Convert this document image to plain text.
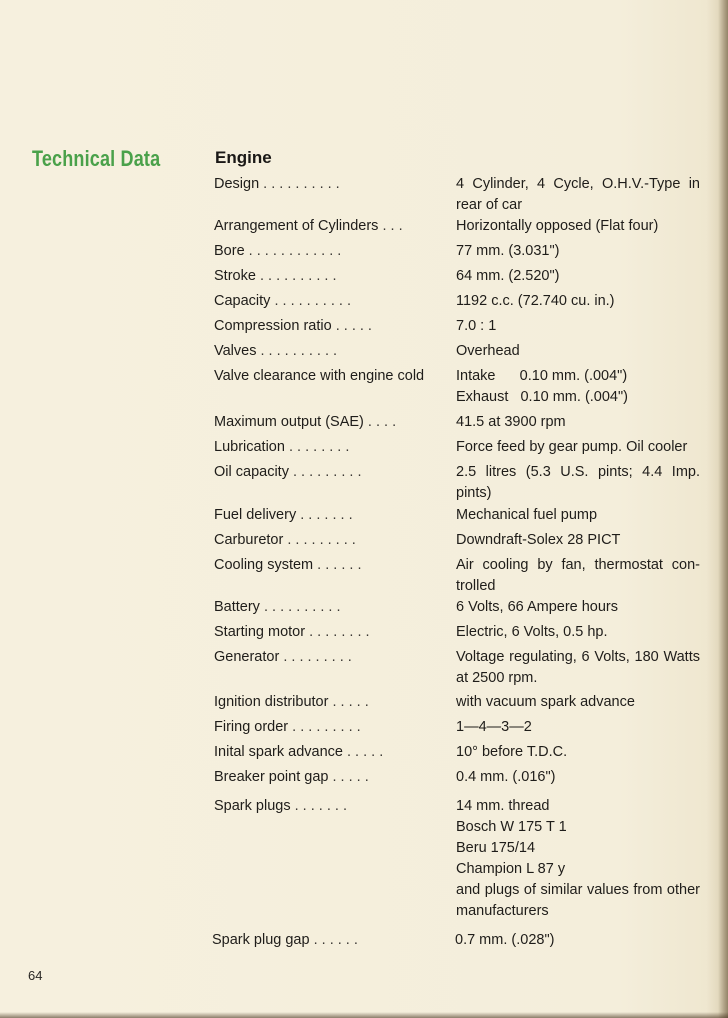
Technical Data	Engine
Design . . . . . . . . . .	4 Cylinder, 4 Cycle, O.H.V.-Type in rear of car
Arrangement of Cylinders . . .	Horizontally opposed (Flat four)
Bore . . . . . . . . . . . .	77 mm. (3.031")
Stroke . . . . . . . . . .	64 mm. (2.520")
Capacity . . . . . . . . . .	1192 c.c. (72.740 cu. in.)
Compression ratio . . . . .	7.0 : 1
Valves . . . . . . . . . .	Overhead
Valve clearance with engine cold	Intake      0.10 mm. (.004")
Exhaust   0.10 mm. (.004")
Maximum output (SAE) . . . .	41.5 at 3900 rpm
Lubrication . . . . . . . .	Force feed by gear pump. Oil cooler
Oil capacity . . . . . . . . .	2.5 litres (5.3 U.S. pints; 4.4 Imp. pints)
Fuel delivery . . . . . . .	Mechanical fuel pump
Carburetor . . . . . . . . .	Downdraft-Solex 28 PICT
Cooling system . . . . . .	Air cooling by fan, thermostat con-trolled
Battery . . . . . . . . . .	6 Volts, 66 Ampere hours
Starting motor . . . . . . . .	Electric, 6 Volts, 0.5 hp.
Generator . . . . . . . . .	Voltage regulating, 6 Volts, 180 Watts at 2500 rpm.
Ignition distributor . . . . .	with vacuum spark advance
Firing order . . . . . . . . .	1—4—3—2
Inital spark advance . . . . .	10° before T.D.C.
Breaker point gap . . . . .	0.4 mm. (.016")
Spark plugs . . . . . . .	14 mm. thread
Bosch W 175 T 1
Beru 175/14
Champion L 87 y
and plugs of similar values from other manufacturers
Spark plug gap . . . . . .	0.7 mm. (.028")
64
